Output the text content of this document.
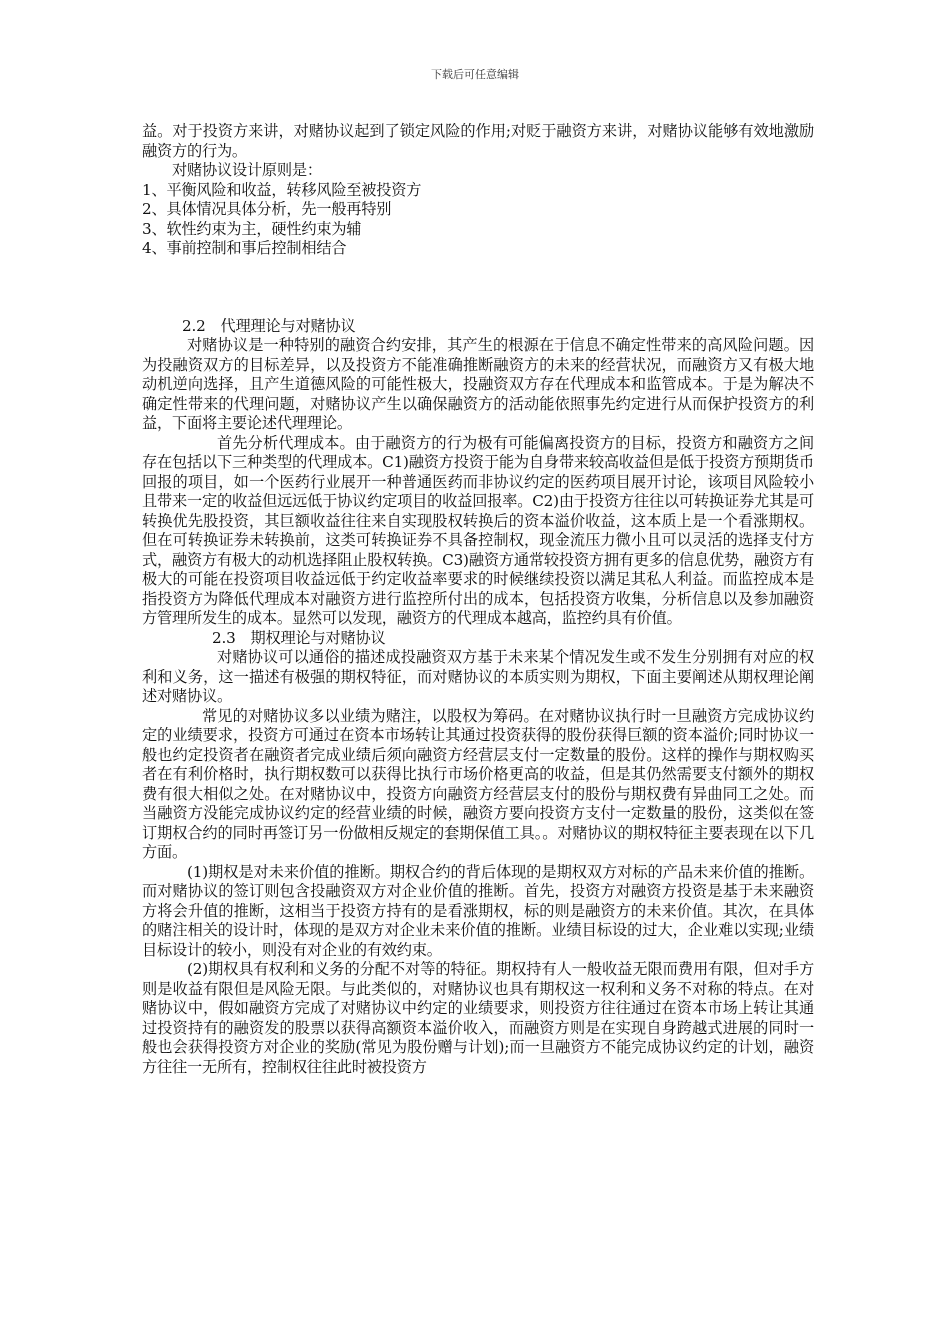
下载后可任意编辑

益。对于投资方来讲，对赌协议起到了锁定风险的作用;对贬于融资方来讲，对赌协议能够有效地激励融资方的行为。

对赌协议设计原则是：

1、平衡风险和收益，转移风险至被投资方

2、具体情况具体分析，先一般再特别

3、软性约束为主，硬性约束为辅

4、事前控制和事后控制相结合

2.2　代理理论与对赌协议

对赌协议是一种特别的融资合约安排，其产生的根源在于信息不确定性带来的高风险问题。因为投融资双方的目标差异，以及投资方不能准确推断融资方的未来的经营状况，而融资方又有极大地动机逆向选择，且产生道德风险的可能性极大，投融资双方存在代理成本和监管成本。于是为解决不确定性带来的代理问题，对赌协议产生以确保融资方的活动能依照事先约定进行从而保护投资方的利益，下面将主要论述代理理论。

首先分析代理成本。由于融资方的行为极有可能偏离投资方的目标，投资方和融资方之间存在包括以下三种类型的代理成本。C1)融资方投资于能为自身带来较高收益但是低于投资方预期货币回报的项目，如一个医药行业展开一种普通医药而非协议约定的医药项目展开讨论，该项目风险较小且带来一定的收益但远远低于协议约定项目的收益回报率。C2)由于投资方往往以可转换证券尤其是可转换优先股投资，其巨额收益往往来自实现股权转换后的资本溢价收益，这本质上是一个看涨期权。但在可转换证券未转换前，这类可转换证券不具备控制权，现金流压力微小且可以灵活的选择支付方式，融资方有极大的动机选择阻止股权转换。C3)融资方通常较投资方拥有更多的信息优势，融资方有极大的可能在投资项目收益远低于约定收益率要求的时候继续投资以满足其私人利益。而监控成本是指投资方为降低代理成本对融资方进行监控所付出的成本，包括投资方收集，分析信息以及参加融资方管理所发生的成本。显然可以发现，融资方的代理成本越高，监控约具有价值。

2.3　期权理论与对赌协议

对赌协议可以通俗的描述成投融资双方基于未来某个情况发生或不发生分别拥有对应的权利和义务，这一描述有极强的期权特征，而对赌协议的本质实则为期权，下面主要阐述从期权理论阐述对赌协议。

常见的对赌协议多以业绩为赌注，以股权为筹码。在对赌协议执行时一旦融资方完成协议约定的业绩要求，投资方可通过在资本市场转让其通过投资获得的股份获得巨额的资本溢价;同时协议一般也约定投资者在融资者完成业绩后须向融资方经营层支付一定数量的股份。这样的操作与期权购买者在有利价格时，执行期权数可以获得比执行市场价格更高的收益，但是其仍然需要支付额外的期权费有很大相似之处。在对赌协议中，投资方向融资方经营层支付的股份与期权费有异曲同工之处。而当融资方没能完成协议约定的经营业绩的时候，融资方要向投资方支付一定数量的股份，这类似在签订期权合约的同时再签订另一份做相反规定的套期保值工具。。对赌协议的期权特征主要表现在以下几方面。

(1)期权是对未来价值的推断。期权合约的背后体现的是期权双方对标的产品未来价值的推断。而对赌协议的签订则包含投融资双方对企业价值的推断。首先，投资方对融资方投资是基于未来融资方将会升值的推断，这相当于投资方持有的是看涨期权，标的则是融资方的未来价值。其次，在具体的赌注相关的设计时，体现的是双方对企业未来价值的推断。业绩目标设的过大，企业难以实现;业绩目标设计的较小，则没有对企业的有效约束。

(2)期权具有权利和义务的分配不对等的特征。期权持有人一般收益无限而费用有限，但对手方则是收益有限但是风险无限。与此类似的，对赌协议也具有期权这一权利和义务不对称的特点。在对赌协议中，假如融资方完成了对赌协议中约定的业绩要求，则投资方往往通过在资本市场上转让其通过投资持有的融资发的股票以获得高额资本溢价收入，而融资方则是在实现自身跨越式进展的同时一般也会获得投资方对企业的奖励(常见为股份赠与计划);而一旦融资方不能完成协议约定的计划，融资方往往一无所有，控制权往往此时被投资方
